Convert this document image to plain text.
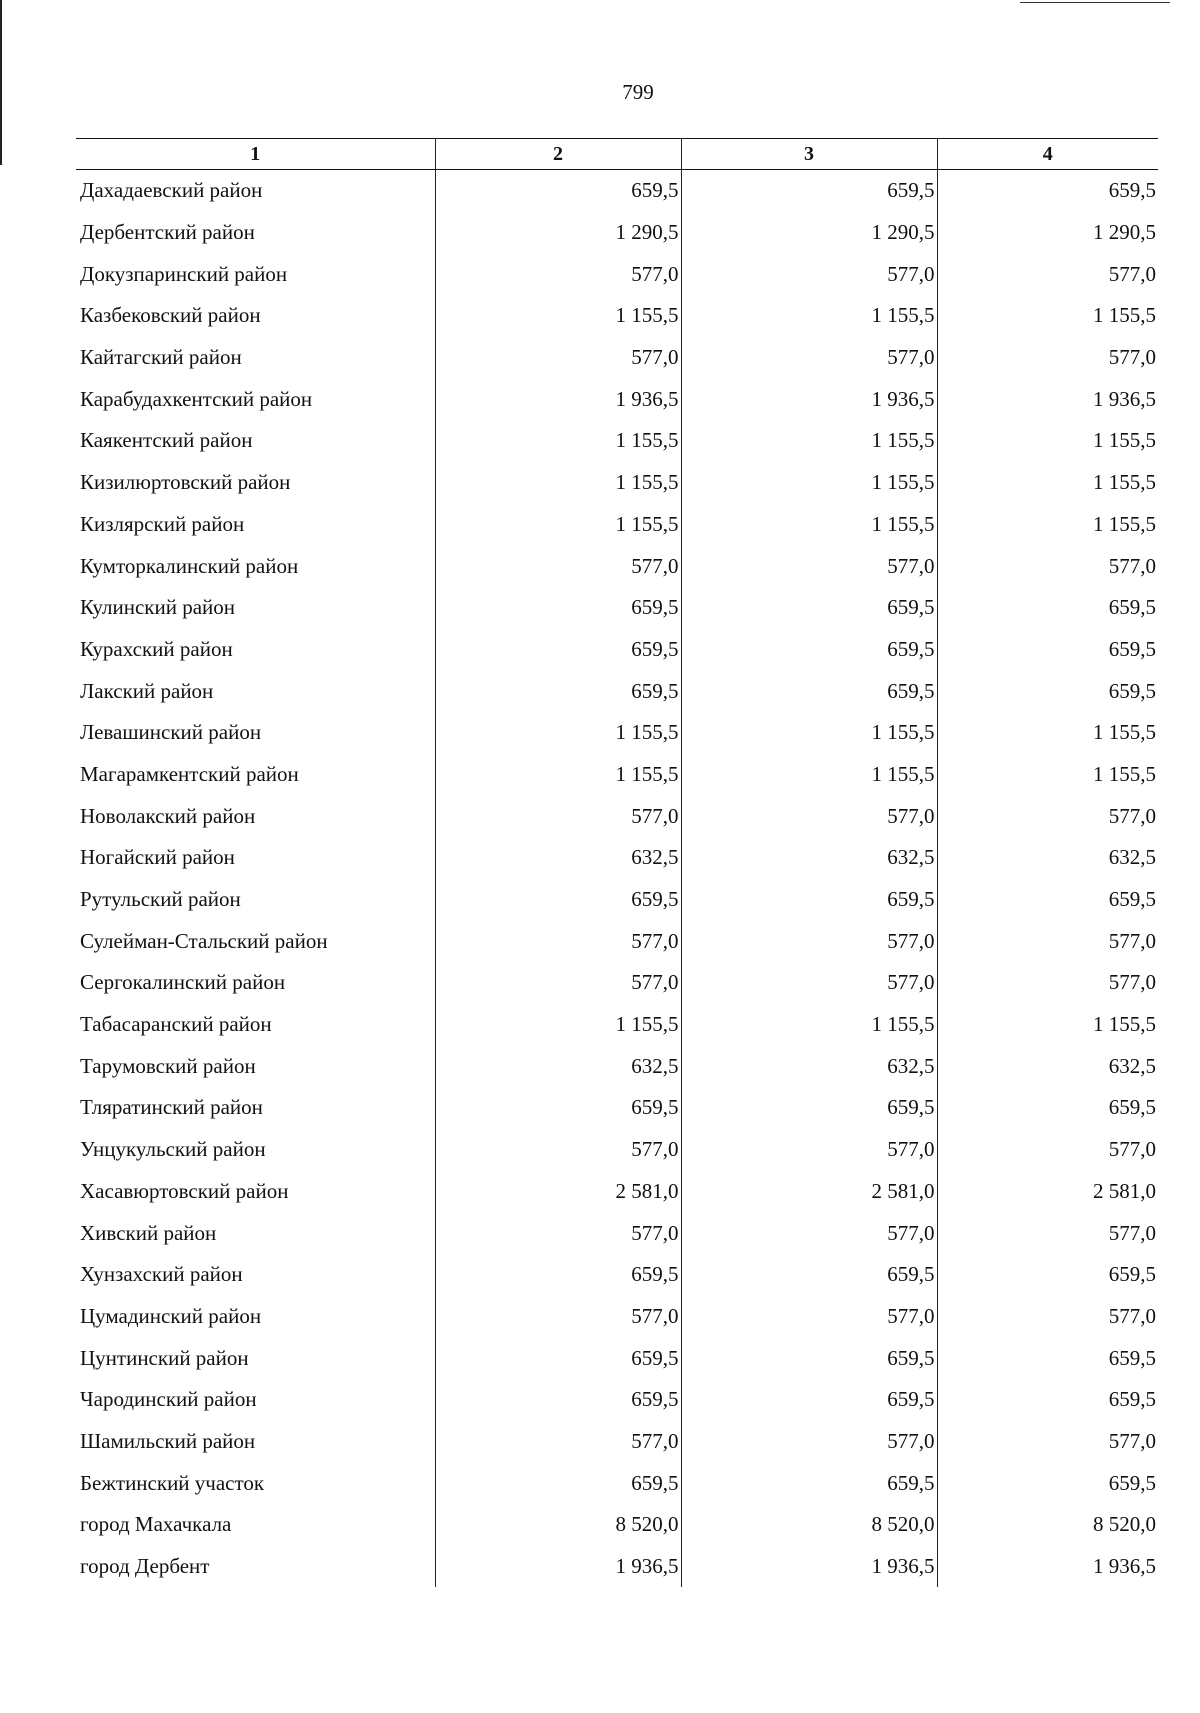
799
1	2	3	4
Дахадаевский район	659,5	659,5	659,5
Дербентский район	1 290,5	1 290,5	1 290,5
Докузпаринский район	577,0	577,0	577,0
Казбековский район	1 155,5	1 155,5	1 155,5
Кайтагский район	577,0	577,0	577,0
Карабудахкентский район	1 936,5	1 936,5	1 936,5
Каякентский район	1 155,5	1 155,5	1 155,5
Кизилюртовский район	1 155,5	1 155,5	1 155,5
Кизлярский район	1 155,5	1 155,5	1 155,5
Кумторкалинский район	577,0	577,0	577,0
Кулинский район	659,5	659,5	659,5
Курахский район	659,5	659,5	659,5
Лакский район	659,5	659,5	659,5
Левашинский район	1 155,5	1 155,5	1 155,5
Магарамкентский район	1 155,5	1 155,5	1 155,5
Новолакский район	577,0	577,0	577,0
Ногайский район	632,5	632,5	632,5
Рутульский район	659,5	659,5	659,5
Сулейман-Стальский район	577,0	577,0	577,0
Сергокалинский район	577,0	577,0	577,0
Табасаранский район	1 155,5	1 155,5	1 155,5
Тарумовский район	632,5	632,5	632,5
Тляратинский район	659,5	659,5	659,5
Унцукульский район	577,0	577,0	577,0
Хасавюртовский район	2 581,0	2 581,0	2 581,0
Хивский район	577,0	577,0	577,0
Хунзахский район	659,5	659,5	659,5
Цумадинский район	577,0	577,0	577,0
Цунтинский район	659,5	659,5	659,5
Чародинский район	659,5	659,5	659,5
Шамильский район	577,0	577,0	577,0
Бежтинский участок	659,5	659,5	659,5
город Махачкала	8 520,0	8 520,0	8 520,0
город Дербент	1 936,5	1 936,5	1 936,5
